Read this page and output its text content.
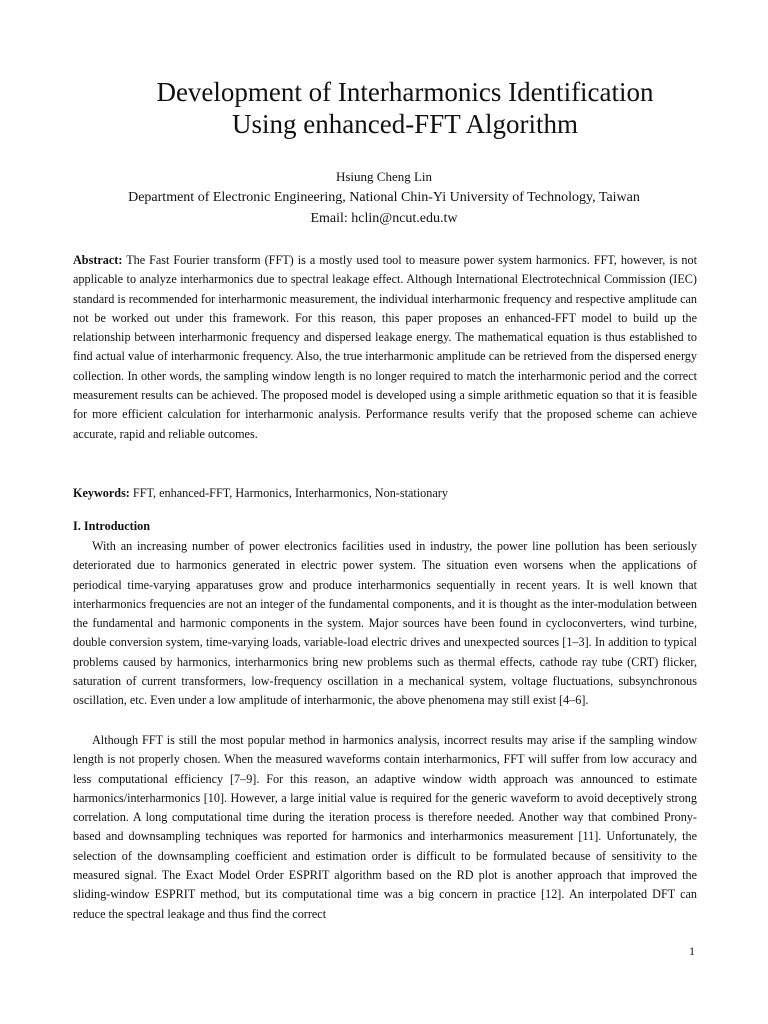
Development of Interharmonics Identification
Using enhanced-FFT Algorithm

Hsiung Cheng Lin

Department of Electronic Engineering, National Chin-Yi University of Technology, Taiwan

Email: hclin@ncut.edu.tw

Abstract: The Fast Fourier transform (FFT) is a mostly used tool to measure power system harmonics. FFT, however, is not applicable to analyze interharmonics due to spectral leakage effect. Although International Electrotechnical Commission (IEC) standard is recommended for interharmonic measurement, the individual interharmonic frequency and respective amplitude can not be worked out under this framework. For this reason, this paper proposes an enhanced-FFT model to build up the relationship between interharmonic frequency and dispersed leakage energy. The mathematical equation is thus established to find actual value of interharmonic frequency. Also, the true interharmonic amplitude can be retrieved from the dispersed energy collection. In other words, the sampling window length is no longer required to match the interharmonic period and the correct measurement results can be achieved. The proposed model is developed using a simple arithmetic equation so that it is feasible for more efficient calculation for interharmonic analysis. Performance results verify that the proposed scheme can achieve accurate, rapid and reliable outcomes.

Keywords: FFT, enhanced-FFT, Harmonics, Interharmonics, Non-stationary

I. Introduction

With an increasing number of power electronics facilities used in industry, the power line pollution has been seriously deteriorated due to harmonics generated in electric power system. The situation even worsens when the applications of periodical time-varying apparatuses grow and produce interharmonics sequentially in recent years. It is well known that interharmonics frequencies are not an integer of the fundamental components, and it is thought as the inter-modulation between the fundamental and harmonic components in the system. Major sources have been found in cycloconverters, wind turbine, double conversion system, time-varying loads, variable-load electric drives and unexpected sources [1–3]. In addition to typical problems caused by harmonics, interharmonics bring new problems such as thermal effects, cathode ray tube (CRT) flicker, saturation of current transformers, low-frequency oscillation in a mechanical system, voltage fluctuations, subsynchronous oscillation, etc. Even under a low amplitude of interharmonic, the above phenomena may still exist [4–6].

Although FFT is still the most popular method in harmonics analysis, incorrect results may arise if the sampling window length is not properly chosen. When the measured waveforms contain interharmonics, FFT will suffer from low accuracy and less computational efficiency [7–9]. For this reason, an adaptive window width approach was announced to estimate harmonics/interharmonics [10]. However, a large initial value is required for the generic waveform to avoid deceptively strong correlation. A long computational time during the iteration process is therefore needed. Another way that combined Prony-based and downsampling techniques was reported for harmonics and interharmonics measurement [11]. Unfortunately, the selection of the downsampling coefficient and estimation order is difficult to be formulated because of sensitivity to the measured signal. The Exact Model Order ESPRIT algorithm based on the RD plot is another approach that improved the sliding-window ESPRIT method, but its computational time was a big concern in practice [12]. An interpolated DFT can reduce the spectral leakage and thus find the correct

1
